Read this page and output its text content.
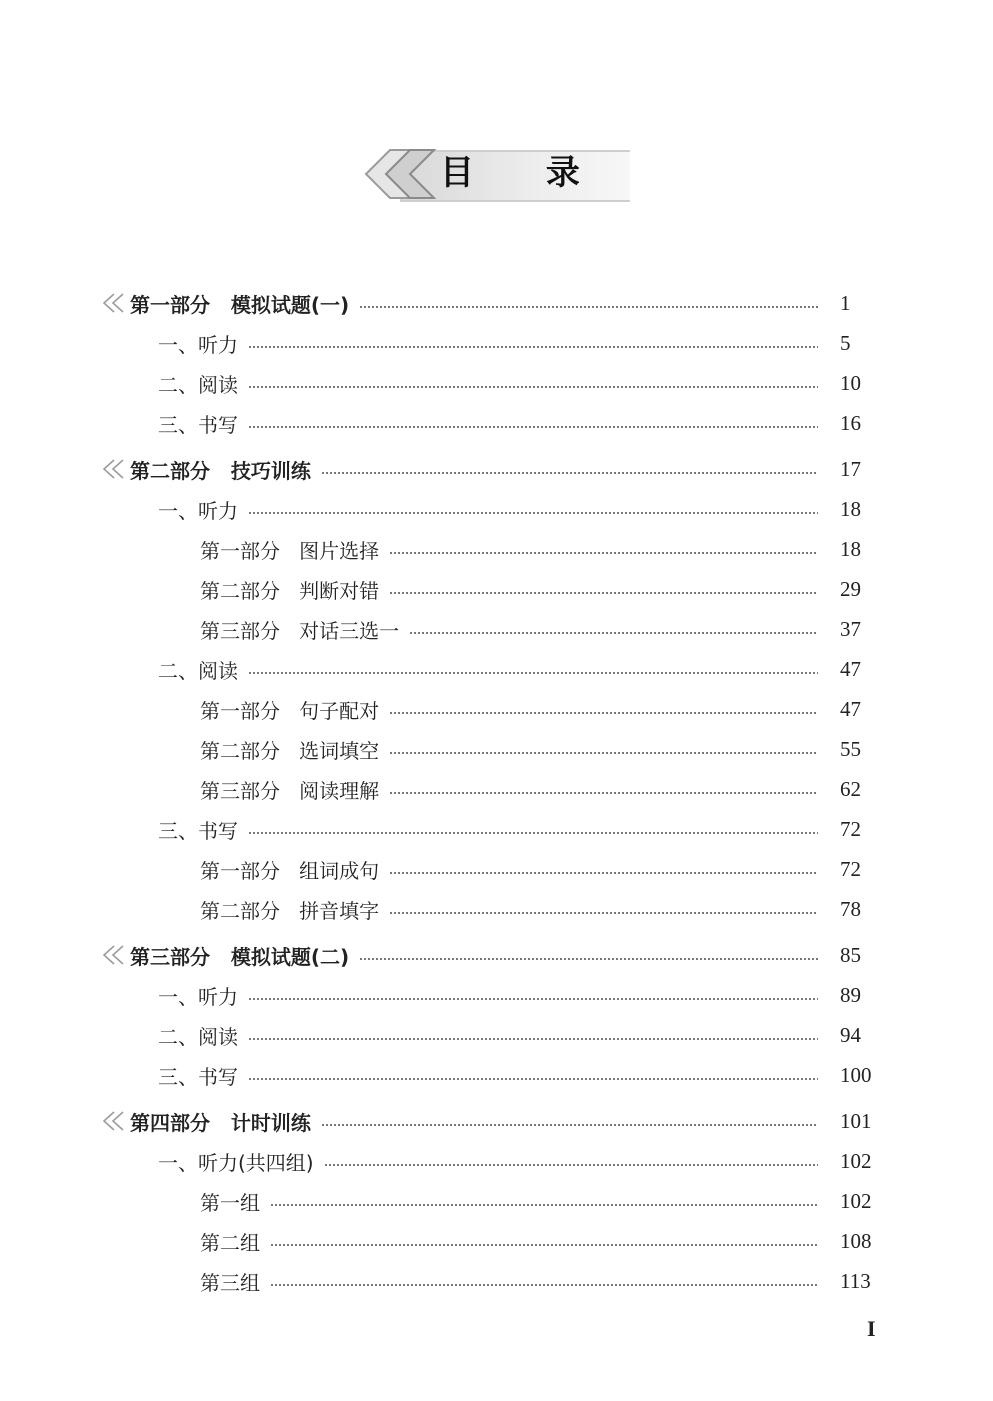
目 录
第一部分   模拟试题(一)	1
一、听力	5
二、阅读	10
三、书写	16
第二部分   技巧训练	17
一、听力	18
第一部分   图片选择	18
第二部分   判断对错	29
第三部分   对话三选一	37
二、阅读	47
第一部分   句子配对	47
第二部分   选词填空	55
第三部分   阅读理解	62
三、书写	72
第一部分   组词成句	72
第二部分   拼音填字	78
第三部分   模拟试题(二)	85
一、听力	89
二、阅读	94
三、书写	100
第四部分   计时训练	101
一、听力(共四组)	102
第一组	102
第二组	108
第三组	113
I
